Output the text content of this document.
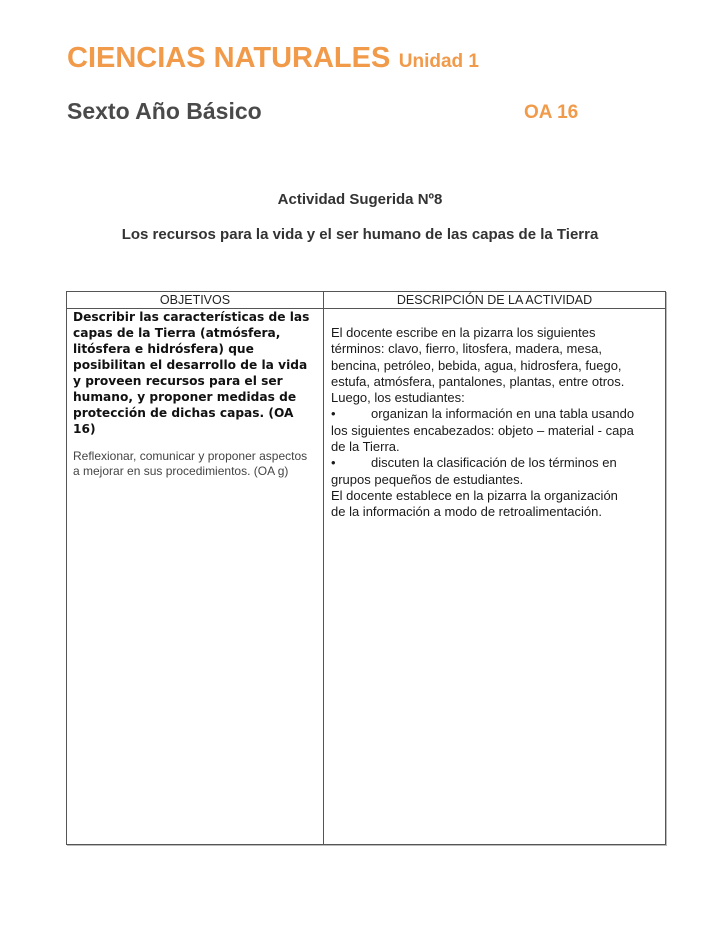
CIENCIAS NATURALES Unidad 1
Sexto Año Básico	OA 16
Actividad Sugerida Nº8
Los recursos para la vida y el ser humano de las capas de la Tierra
OBJETIVOS	DESCRIPCIÓN DE LA ACTIVIDAD
Describir las características de las capas de la Tierra (atmósfera, litósfera e hidrósfera) que posibilitan el desarrollo de la vida y proveen recursos para el ser humano, y proponer medidas de protección de dichas capas. (OA 16)
Reflexionar, comunicar y proponer aspectos a mejorar en sus procedimientos. (OA g)
El docente escribe en la pizarra los siguientes
términos: clavo, fierro, litosfera, madera, mesa,
bencina, petróleo, bebida, agua, hidrosfera, fuego,
estufa, atmósfera, pantalones, plantas, entre otros.
Luego, los estudiantes:
•	organizan la información en una tabla usando
los siguientes encabezados: objeto – material - capa
de la Tierra.
•	discuten la clasificación de los términos en
grupos pequeños de estudiantes.
El docente establece en la pizarra la organización
de la información a modo de retroalimentación.
